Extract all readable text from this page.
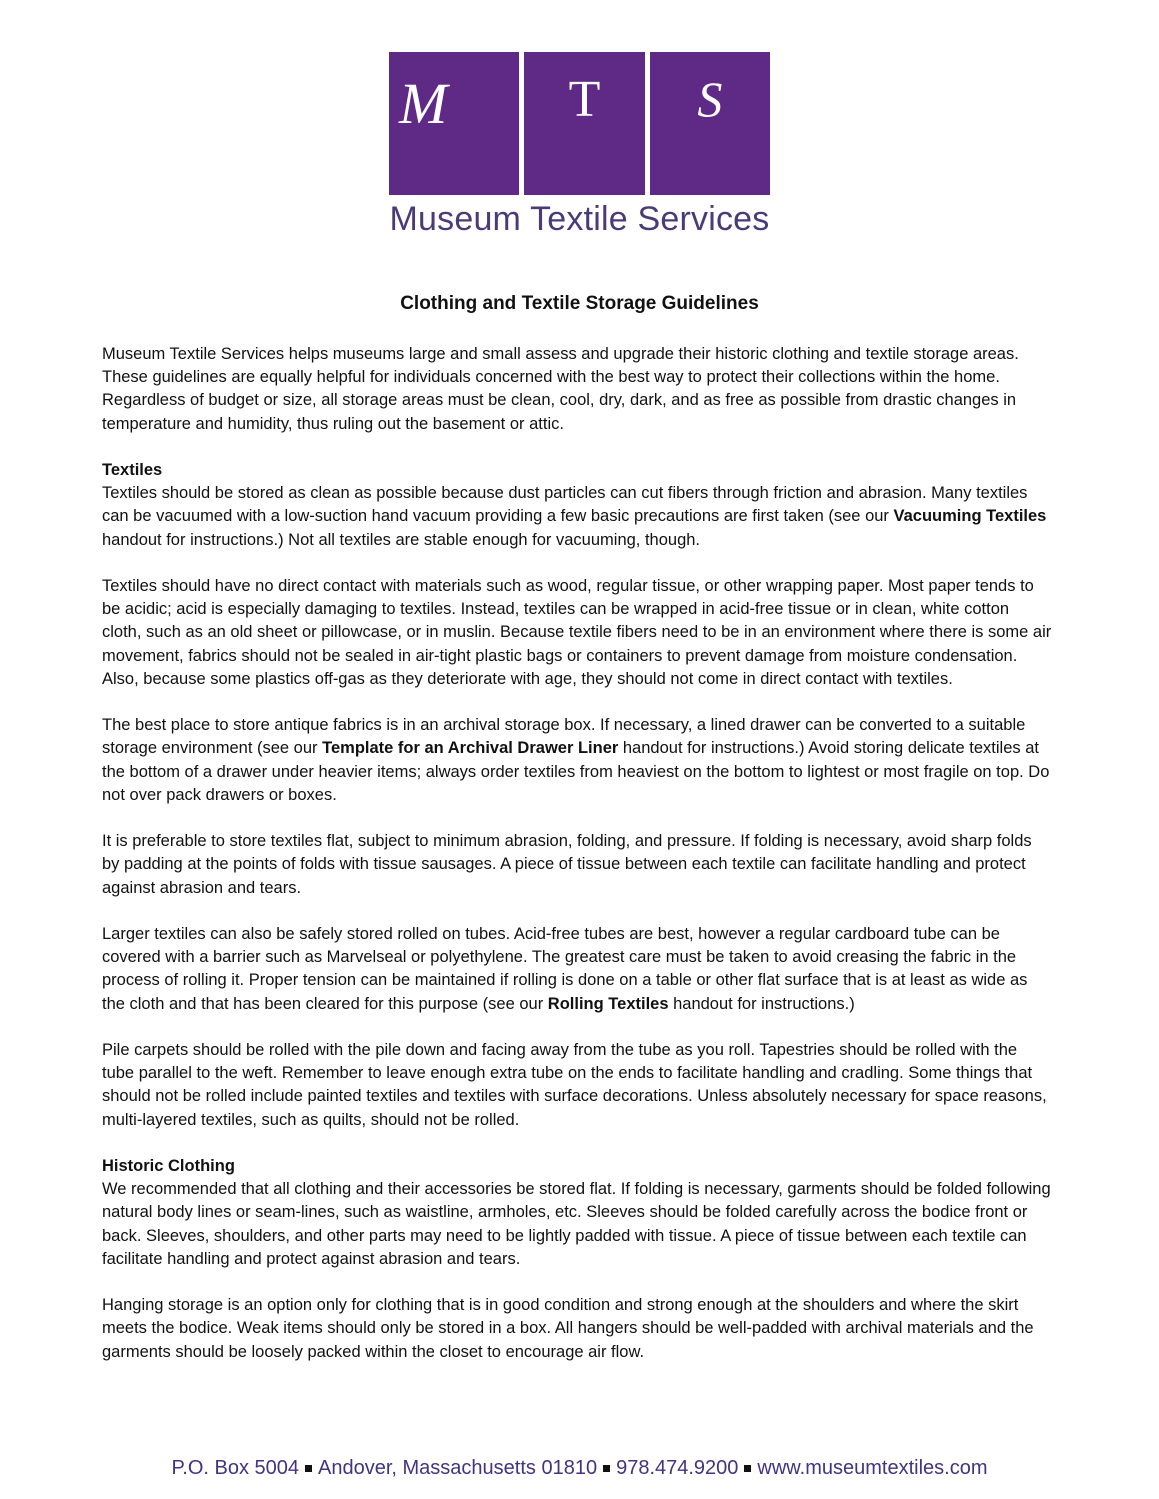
M	T	S
Museum Textile Services
Clothing and Textile Storage Guidelines

Museum Textile Services helps museums large and small assess and upgrade their historic clothing and textile storage areas. These guidelines are equally helpful for individuals concerned with the best way to protect their collections within the home. Regardless of budget or size, all storage areas must be clean, cool, dry, dark, and as free as possible from drastic changes in temperature and humidity, thus ruling out the basement or attic.

Textiles

Textiles should be stored as clean as possible because dust particles can cut fibers through friction and abrasion. Many textiles can be vacuumed with a low-suction hand vacuum providing a few basic precautions are first taken (see our Vacuuming Textiles handout for instructions.) Not all textiles are stable enough for vacuuming, though.

Textiles should have no direct contact with materials such as wood, regular tissue, or other wrapping paper. Most paper tends to be acidic; acid is especially damaging to textiles. Instead, textiles can be wrapped in acid-free tissue or in clean, white cotton cloth, such as an old sheet or pillowcase, or in muslin. Because textile fibers need to be in an environment where there is some air movement, fabrics should not be sealed in air-tight plastic bags or containers to prevent damage from moisture condensation. Also, because some plastics off-gas as they deteriorate with age, they should not come in direct contact with textiles.

The best place to store antique fabrics is in an archival storage box. If necessary, a lined drawer can be converted to a suitable storage environment (see our Template for an Archival Drawer Liner handout for instructions.) Avoid storing delicate textiles at the bottom of a drawer under heavier items; always order textiles from heaviest on the bottom to lightest or most fragile on top. Do not over pack drawers or boxes.

It is preferable to store textiles flat, subject to minimum abrasion, folding, and pressure. If folding is necessary, avoid sharp folds by padding at the points of folds with tissue sausages. A piece of tissue between each textile can facilitate handling and protect against abrasion and tears.

Larger textiles can also be safely stored rolled on tubes. Acid-free tubes are best, however a regular cardboard tube can be covered with a barrier such as Marvelseal or polyethylene. The greatest care must be taken to avoid creasing the fabric in the process of rolling it. Proper tension can be maintained if rolling is done on a table or other flat surface that is at least as wide as the cloth and that has been cleared for this purpose (see our Rolling Textiles handout for instructions.)

Pile carpets should be rolled with the pile down and facing away from the tube as you roll. Tapestries should be rolled with the tube parallel to the weft. Remember to leave enough extra tube on the ends to facilitate handling and cradling. Some things that should not be rolled include painted textiles and textiles with surface decorations. Unless absolutely necessary for space reasons, multi-layered textiles, such as quilts, should not be rolled.

Historic Clothing

We recommended that all clothing and their accessories be stored flat. If folding is necessary, garments should be folded following natural body lines or seam-lines, such as waistline, armholes, etc. Sleeves should be folded carefully across the bodice front or back. Sleeves, shoulders, and other parts may need to be lightly padded with tissue. A piece of tissue between each textile can facilitate handling and protect against abrasion and tears.

Hanging storage is an option only for clothing that is in good condition and strong enough at the shoulders and where the skirt meets the bodice. Weak items should only be stored in a box. All hangers should be well-padded with archival materials and the garments should be loosely packed within the closet to encourage air flow.

P.O. Box 5004 Andover, Massachusetts 01810 978.474.9200 www.museumtextiles.com
